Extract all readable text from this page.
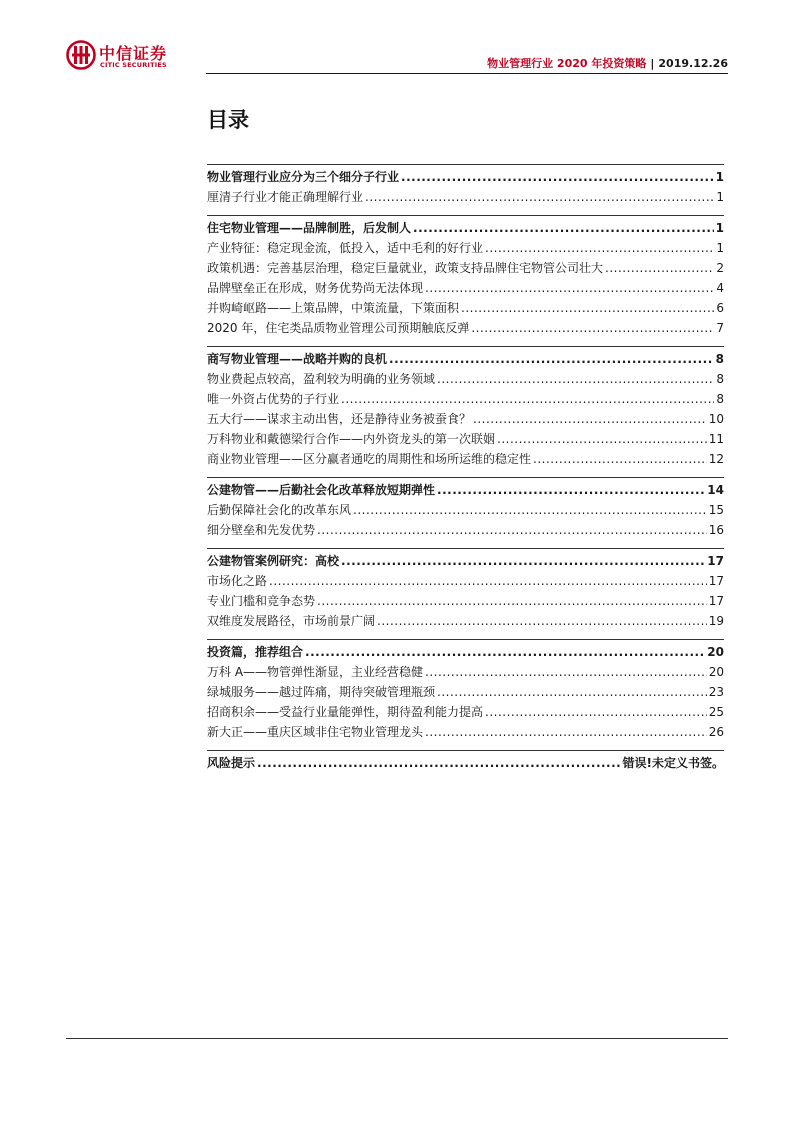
中信证券
CITIC SECURITIES	物业管理行业 2020 年投资策略 | 2019.12.26
目录
物业管理行业应分为三个细分子行业 .....	1
厘清子行业才能正确理解行业 .....	1
住宅物业管理——品牌制胜，后发制人 .....	1
产业特征：稳定现金流，低投入，适中毛利的好行业 .....	1
政策机遇：完善基层治理，稳定巨量就业，政策支持品牌住宅物管公司壮大 .....	2
品牌壁垒正在形成，财务优势尚无法体现 .....	4
并购崎岖路——上策品牌，中策流量，下策面积 .....	6
2020 年，住宅类品质物业管理公司预期触底反弹 .....	7
商写物业管理——战略并购的良机 .....	8
物业费起点较高，盈利较为明确的业务领域 .....	8
唯一外资占优势的子行业 .....	8
五大行——谋求主动出售，还是静待业务被蚕食？ .....	10
万科物业和戴德梁行合作——内外资龙头的第一次联姻 .....	11
商业物业管理——区分赢者通吃的周期性和场所运维的稳定性 .....	12
公建物管——后勤社会化改革释放短期弹性 .....	14
后勤保障社会化的改革东风 .....	15
细分壁垒和先发优势 .....	16
公建物管案例研究：高校 .....	17
市场化之路 .....	17
专业门槛和竞争态势 .....	17
双维度发展路径，市场前景广阔 .....	19
投资篇，推荐组合 .....	20
万科 A——物管弹性渐显，主业经营稳健 .....	20
绿城服务——越过阵痛，期待突破管理瓶颈 .....	23
招商积余——受益行业量能弹性，期待盈利能力提高 .....	25
新大正——重庆区域非住宅物业管理龙头 .....	26
风险提示 .....	错误!未定义书签。
